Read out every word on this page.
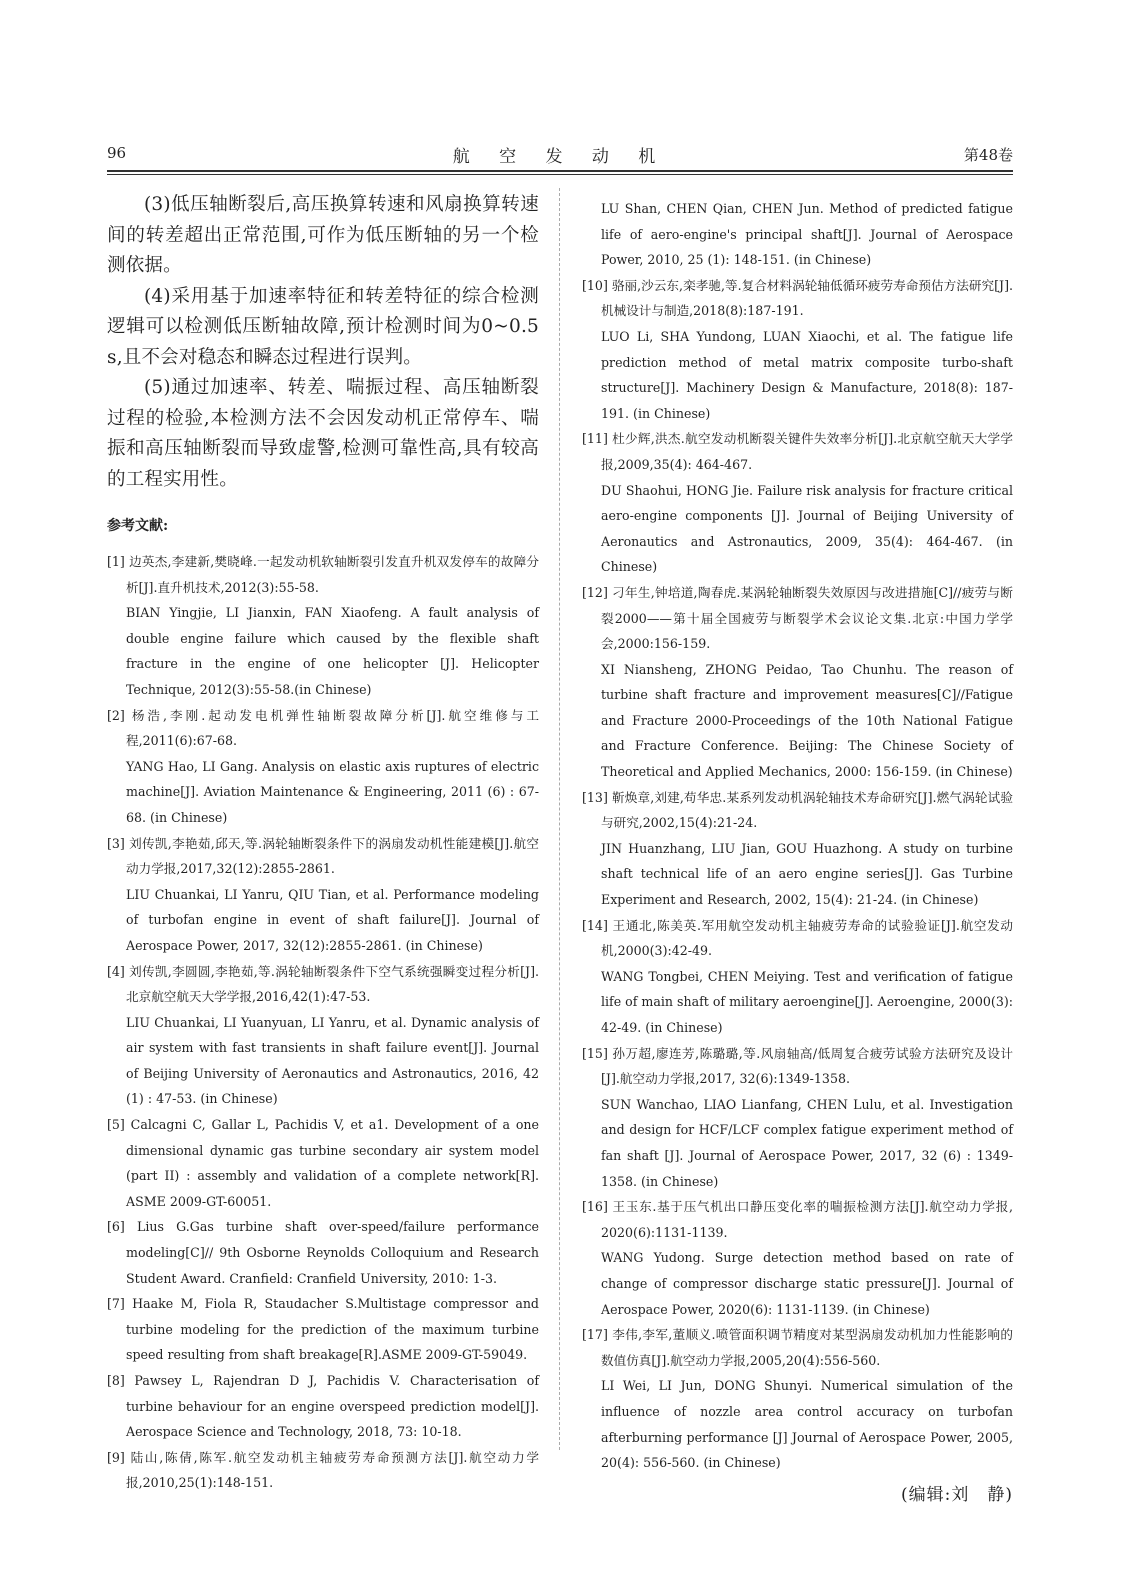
96	航 空 发 动 机	第48卷

(3)低压轴断裂后,高压换算转速和风扇换算转速间的转差超出正常范围,可作为低压断轴的另一个检测依据。

(4)采用基于加速率特征和转差特征的综合检测逻辑可以检测低压断轴故障,预计检测时间为0~0.5 s,且不会对稳态和瞬态过程进行误判。

(5)通过加速率、转差、喘振过程、高压轴断裂过程的检验,本检测方法不会因发动机正常停车、喘振和高压轴断裂而导致虚警,检测可靠性高,具有较高的工程实用性。

参考文献:

[1] 边英杰,李建新,樊晓峰.一起发动机软轴断裂引发直升机双发停车的故障分析[J].直升机技术,2012(3):55-58.
BIAN Yingjie, LI Jianxin, FAN Xiaofeng. A fault analysis of double engine failure which caused by the flexible shaft fracture in the engine of one helicopter [J]. Helicopter Technique, 2012(3):55-58.(in Chinese)

[2] 杨浩,李刚.起动发电机弹性轴断裂故障分析[J].航空维修与工程,2011(6):67-68.
YANG Hao, LI Gang. Analysis on elastic axis ruptures of electric machine[J]. Aviation Maintenance & Engineering, 2011 (6) : 67-68. (in Chinese)

[3] 刘传凯,李艳茹,邱天,等.涡轮轴断裂条件下的涡扇发动机性能建模[J].航空动力学报,2017,32(12):2855-2861.
LIU Chuankai, LI Yanru, QIU Tian, et al. Performance modeling of turbofan engine in event of shaft failure[J]. Journal of Aerospace Power, 2017, 32(12):2855-2861. (in Chinese)

[4] 刘传凯,李圆圆,李艳茹,等.涡轮轴断裂条件下空气系统强瞬变过程分析[J].北京航空航天大学学报,2016,42(1):47-53.
LIU Chuankai, LI Yuanyuan, LI Yanru, et al. Dynamic analysis of air system with fast transients in shaft failure event[J]. Journal of Beijing University of Aeronautics and Astronautics, 2016, 42 (1) : 47-53. (in Chinese)

[5] Calcagni C, Gallar L, Pachidis V, et a1. Development of a one dimensional dynamic gas turbine secondary air system model (part II) : assembly and validation of a complete network[R]. ASME 2009-GT-60051.

[6] Lius G.Gas turbine shaft over-speed/failure performance modeling[C]// 9th Osborne Reynolds Colloquium and Research Student Award. Cranfield: Cranfield University, 2010: 1-3.

[7] Haake M, Fiola R, Staudacher S.Multistage compressor and turbine modeling for the prediction of the maximum turbine speed resulting from shaft breakage[R].ASME 2009-GT-59049.

[8] Pawsey L, Rajendran D J, Pachidis V. Characterisation of turbine behaviour for an engine overspeed prediction model[J]. Aerospace Science and Technology, 2018, 73: 10-18.

[9] 陆山,陈倩,陈军.航空发动机主轴疲劳寿命预测方法[J].航空动力学报,2010,25(1):148-151.

LU Shan, CHEN Qian, CHEN Jun. Method of predicted fatigue life of aero-engine's principal shaft[J]. Journal of Aerospace Power, 2010, 25 (1): 148-151. (in Chinese)

[10] 骆丽,沙云东,栾孝驰,等.复合材料涡轮轴低循环疲劳寿命预估方法研究[J].机械设计与制造,2018(8):187-191.
LUO Li, SHA Yundong, LUAN Xiaochi, et al. The fatigue life prediction method of metal matrix composite turbo-shaft structure[J]. Machinery Design & Manufacture, 2018(8): 187-191. (in Chinese)

[11] 杜少辉,洪杰.航空发动机断裂关键件失效率分析[J].北京航空航天大学学报,2009,35(4): 464-467.
DU Shaohui, HONG Jie. Failure risk analysis for fracture critical aero-engine components [J]. Journal of Beijing University of Aeronautics and Astronautics, 2009, 35(4): 464-467. (in Chinese)

[12] 刁年生,钟培道,陶春虎.某涡轮轴断裂失效原因与改进措施[C]//疲劳与断裂2000——第十届全国疲劳与断裂学术会议论文集.北京:中国力学学会,2000:156-159.
XI Niansheng, ZHONG Peidao, Tao Chunhu. The reason of turbine shaft fracture and improvement measures[C]//Fatigue and Fracture 2000-Proceedings of the 10th National Fatigue and Fracture Conference. Beijing: The Chinese Society of Theoretical and Applied Mechanics, 2000: 156-159. (in Chinese)

[13] 靳焕章,刘建,苟华忠.某系列发动机涡轮轴技术寿命研究[J].燃气涡轮试验与研究,2002,15(4):21-24.
JIN Huanzhang, LIU Jian, GOU Huazhong. A study on turbine shaft technical life of an aero engine series[J]. Gas Turbine Experiment and Research, 2002, 15(4): 21-24. (in Chinese)

[14] 王通北,陈美英.军用航空发动机主轴疲劳寿命的试验验证[J].航空发动机,2000(3):42-49.
WANG Tongbei, CHEN Meiying. Test and verification of fatigue life of main shaft of military aeroengine[J]. Aeroengine, 2000(3): 42-49. (in Chinese)

[15] 孙万超,廖连芳,陈璐璐,等.风扇轴高/低周复合疲劳试验方法研究及设计[J].航空动力学报,2017, 32(6):1349-1358.
SUN Wanchao, LIAO Lianfang, CHEN Lulu, et al. Investigation and design for HCF/LCF complex fatigue experiment method of fan shaft [J]. Journal of Aerospace Power, 2017, 32 (6) : 1349-1358. (in Chinese)

[16] 王玉东.基于压气机出口静压变化率的喘振检测方法[J].航空动力学报, 2020(6):1131-1139.
WANG Yudong. Surge detection method based on rate of change of compressor discharge static pressure[J]. Journal of Aerospace Power, 2020(6): 1131-1139. (in Chinese)

[17] 李伟,李军,董顺义.喷管面积调节精度对某型涡扇发动机加力性能影响的数值仿真[J].航空动力学报,2005,20(4):556-560.
LI Wei, LI Jun, DONG Shunyi. Numerical simulation of the influence of nozzle area control accuracy on turbofan afterburning performance [J] Journal of Aerospace Power, 2005, 20(4): 556-560. (in Chinese)

(编辑:刘　静)
